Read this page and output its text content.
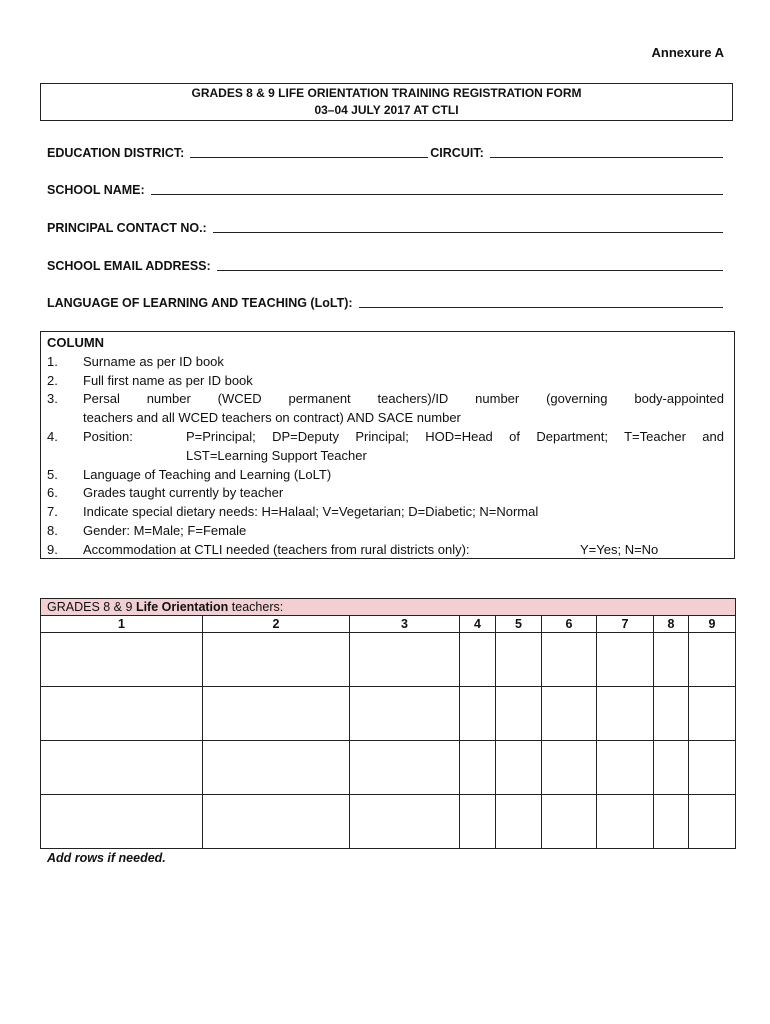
Annexure A
GRADES 8 & 9 LIFE ORIENTATION TRAINING REGISTRATION FORM
03–04 JULY 2017 AT CTLI
EDUCATION DISTRICT:	CIRCUIT:
SCHOOL NAME:
PRINCIPAL CONTACT NO.:
SCHOOL EMAIL ADDRESS:
LANGUAGE OF LEARNING AND TEACHING (LoLT):
COLUMN
1.	Surname as per ID book
2.	Full first name as per ID book
3.	Persal number (WCED permanent teachers)/ID number (governing body-appointed
teachers and all WCED teachers on contract) AND SACE number
4.	Position:	P=Principal; DP=Deputy Principal; HOD=Head of Department; T=Teacher and
LST=Learning Support Teacher
5.	Language of Teaching and Learning (LoLT)
6.	Grades taught currently by teacher
7.	Indicate special dietary needs: H=Halaal; V=Vegetarian; D=Diabetic; N=Normal
8.	Gender: M=Male; F=Female
9.	Accommodation at CTLI needed (teachers from rural districts only):	Y=Yes; N=No
GRADES 8 & 9 Life Orientation teachers:								
1	2	3	4	5	6	7	8	9

Add rows if needed.
